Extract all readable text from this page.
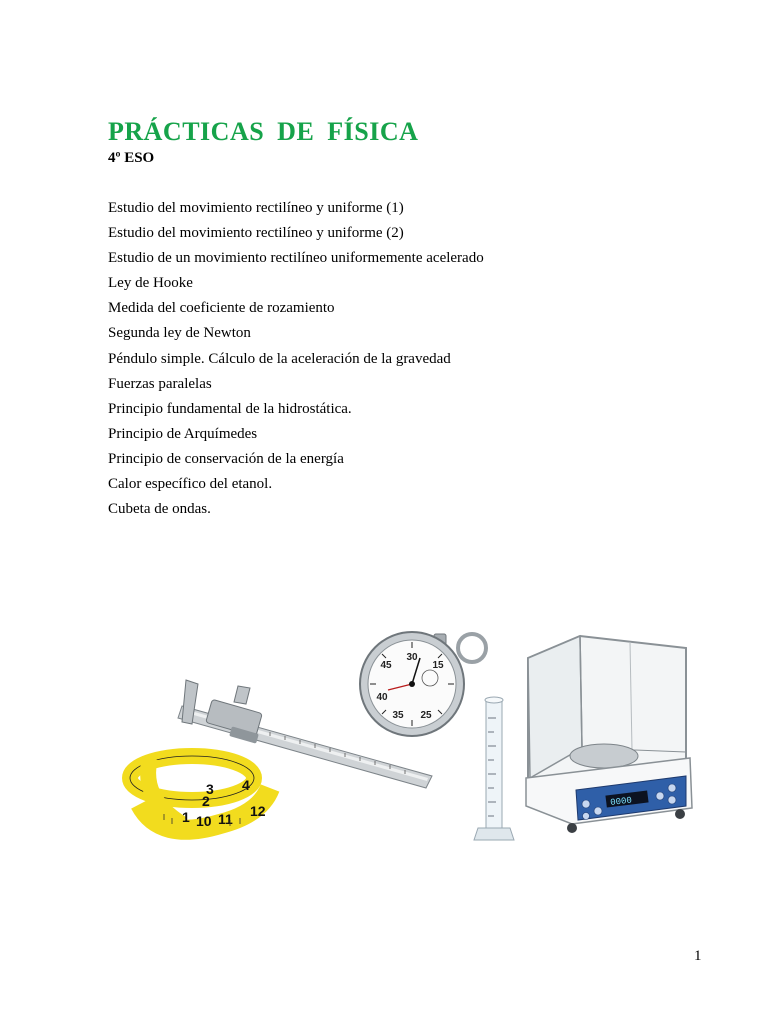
PRÁCTICAS DE FÍSICA
4º ESO
Estudio del movimiento rectilíneo y uniforme (1)
Estudio del movimiento rectilíneo y uniforme (2)
Estudio de un movimiento rectilíneo uniformemente acelerado
Ley de Hooke
Medida del coeficiente de rozamiento
Segunda ley de Newton
Péndulo simple. Cálculo de la aceleración de la gravedad
Fuerzas paralelas
Principio fundamental de la hidrostática.
Principio de Arquímedes
Principio de conservación de la energía
Calor específico del etanol.
Cubeta de ondas.
1
2
3 4
10 11 12
45	15
30
35 25
40
0000
1
